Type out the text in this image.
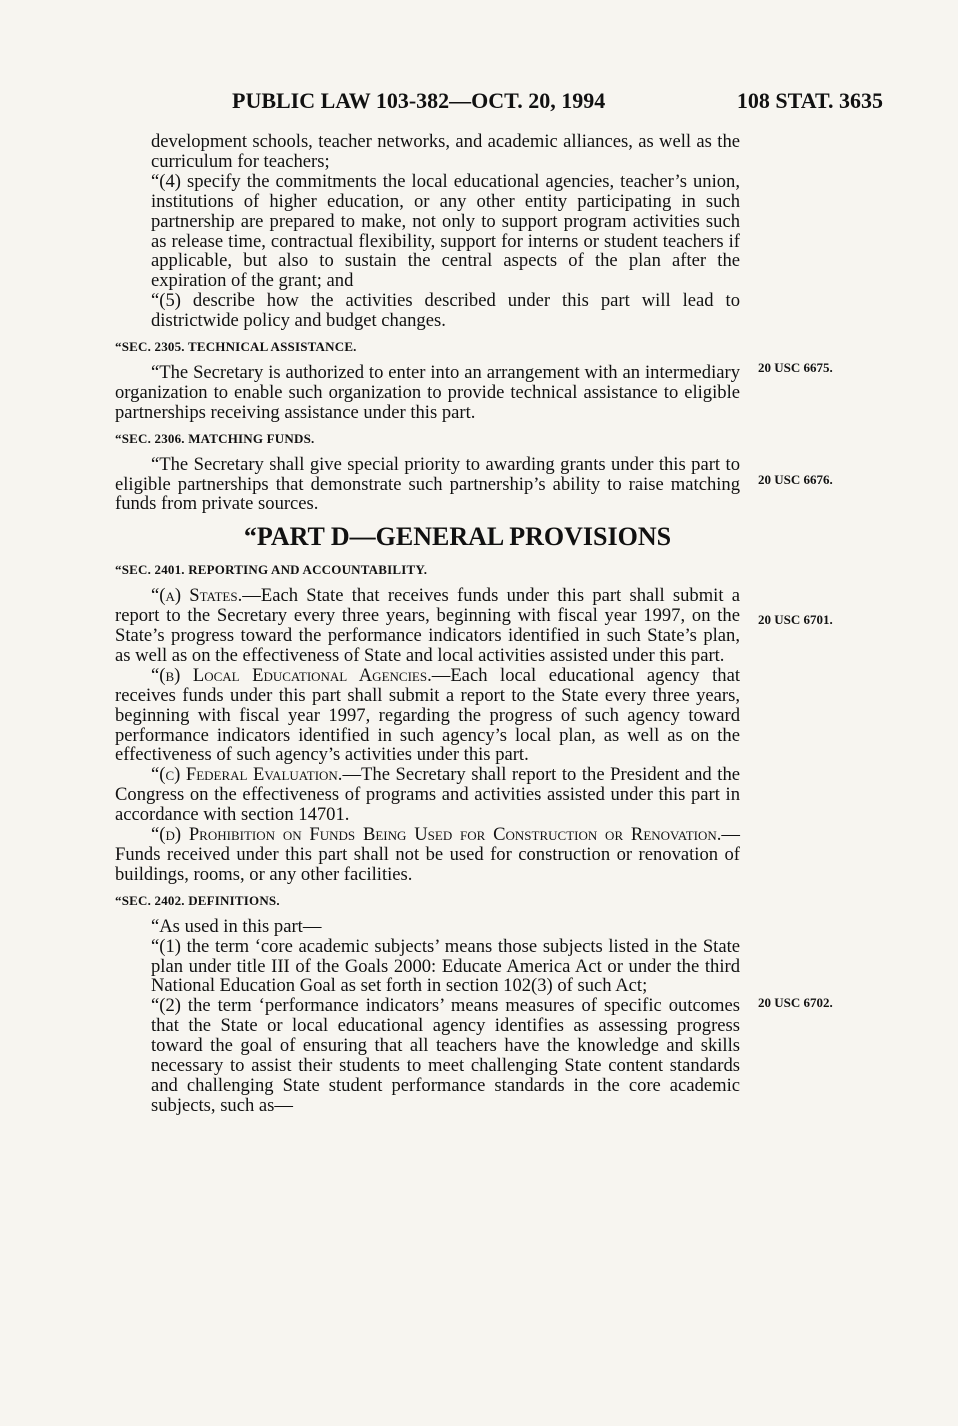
PUBLIC LAW 103-382—OCT. 20, 1994	108 STAT. 3635
20 USC 6675.
20 USC 6676.
20 USC 6701.
20 USC 6702.

development schools, teacher networks, and academic alliances, as well as the curriculum for teachers;

“(4) specify the commitments the local educational agencies, teacher’s union, institutions of higher education, or any other entity participating in such partnership are prepared to make, not only to support program activities such as release time, contractual flexibility, support for interns or student teachers if applicable, but also to sustain the central aspects of the plan after the expiration of the grant; and

“(5) describe how the activities described under this part will lead to districtwide policy and budget changes.

“SEC. 2305. TECHNICAL ASSISTANCE.

“The Secretary is authorized to enter into an arrangement with an intermediary organization to enable such organization to provide technical assistance to eligible partnerships receiving assistance under this part.

“SEC. 2306. MATCHING FUNDS.

“The Secretary shall give special priority to awarding grants under this part to eligible partnerships that demonstrate such partnership’s ability to raise matching funds from private sources.

“PART D—GENERAL PROVISIONS

“SEC. 2401. REPORTING AND ACCOUNTABILITY.

“(a) States.—Each State that receives funds under this part shall submit a report to the Secretary every three years, beginning with fiscal year 1997, on the State’s progress toward the performance indicators identified in such State’s plan, as well as on the effectiveness of State and local activities assisted under this part.

“(b) Local Educational Agencies.—Each local educational agency that receives funds under this part shall submit a report to the State every three years, beginning with fiscal year 1997, regarding the progress of such agency toward performance indicators identified in such agency’s local plan, as well as on the effectiveness of such agency’s activities under this part.

“(c) Federal Evaluation.—The Secretary shall report to the President and the Congress on the effectiveness of programs and activities assisted under this part in accordance with section 14701.

“(d) Prohibition on Funds Being Used for Construction or Renovation.—Funds received under this part shall not be used for construction or renovation of buildings, rooms, or any other facilities.

“SEC. 2402. DEFINITIONS.

“As used in this part—

“(1) the term ‘core academic subjects’ means those subjects listed in the State plan under title III of the Goals 2000: Educate America Act or under the third National Education Goal as set forth in section 102(3) of such Act;

“(2) the term ‘performance indicators’ means measures of specific outcomes that the State or local educational agency identifies as assessing progress toward the goal of ensuring that all teachers have the knowledge and skills necessary to assist their students to meet challenging State content standards and challenging State student performance standards in the core academic subjects, such as—
